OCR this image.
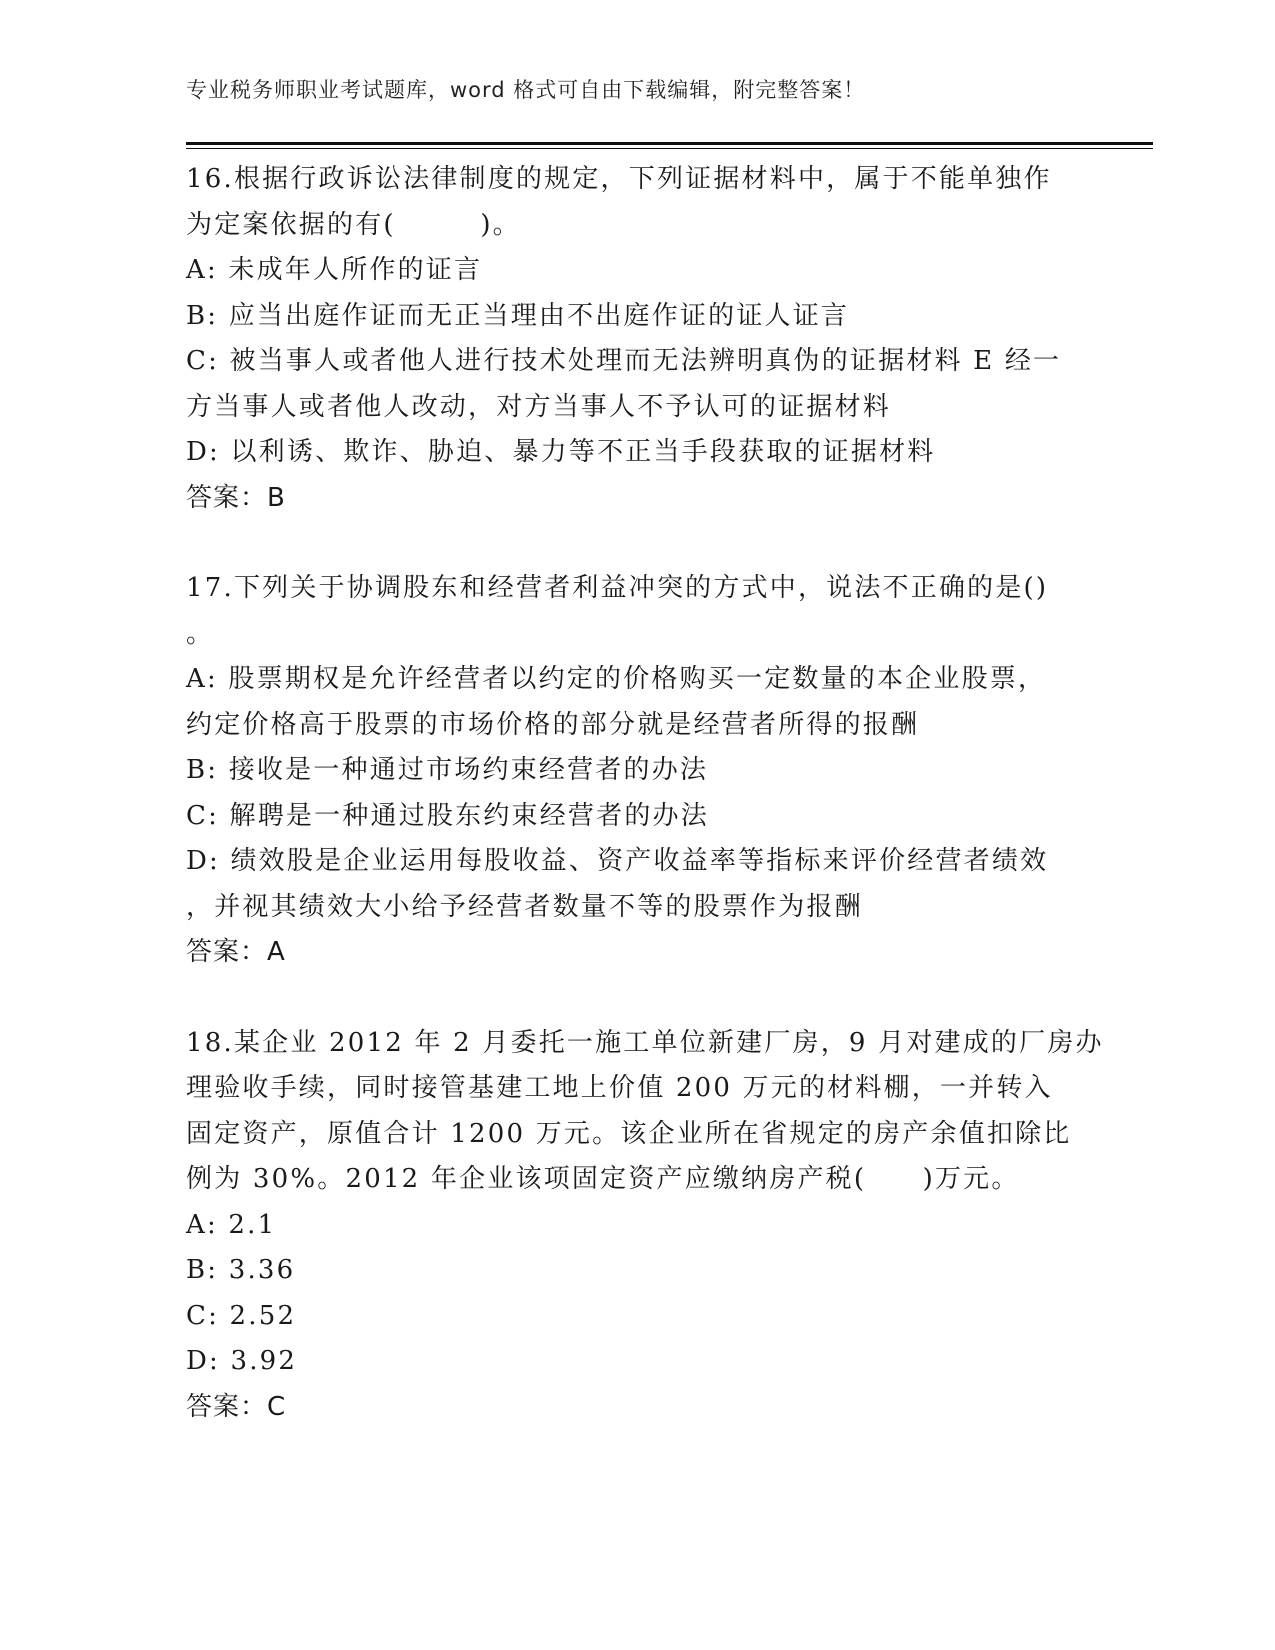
专业税务师职业考试题库，word 格式可自由下载编辑，附完整答案！

16.根据行政诉讼法律制度的规定，下列证据材料中，属于不能单独作

为定案依据的有(　　　)。

A: 未成年人所作的证言

B: 应当出庭作证而无正当理由不出庭作证的证人证言

C: 被当事人或者他人进行技术处理而无法辨明真伪的证据材料 E 经一

方当事人或者他人改动，对方当事人不予认可的证据材料

D: 以利诱、欺诈、胁迫、暴力等不正当手段获取的证据材料

答案：B

17.下列关于协调股东和经营者利益冲突的方式中，说法不正确的是()

。

A: 股票期权是允许经营者以约定的价格购买一定数量的本企业股票，

约定价格高于股票的市场价格的部分就是经营者所得的报酬

B: 接收是一种通过市场约束经营者的办法

C: 解聘是一种通过股东约束经营者的办法

D: 绩效股是企业运用每股收益、资产收益率等指标来评价经营者绩效

，并视其绩效大小给予经营者数量不等的股票作为报酬

答案：A

18.某企业 2012 年 2 月委托一施工单位新建厂房，9 月对建成的厂房办

理验收手续，同时接管基建工地上价值 200 万元的材料棚，一并转入

固定资产，原值合计 1200 万元。该企业所在省规定的房产余值扣除比

例为 30%。2012 年企业该项固定资产应缴纳房产税(　　)万元。

A: 2.1

B: 3.36

C: 2.52

D: 3.92

答案：C
